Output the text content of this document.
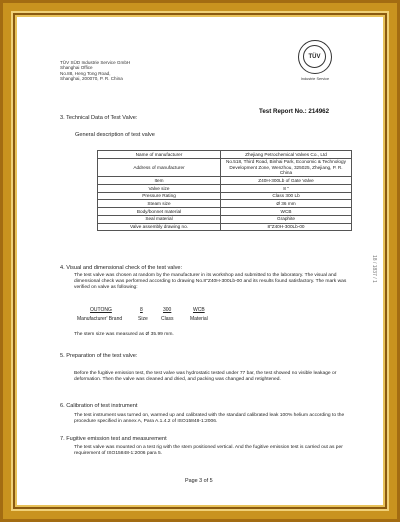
TÜV SÜD Industrie Service GmbH
Shanghai Office
No.88, Heng Tong Road,
Shanghai, 200070, P. R. China
TÜV
Industrie Service
Test Report No.: 214962
3. Technical Data of Test Valve:
General description of test valve
Name of manufacturer	Zhejiang Petrochemical Valves Co., Ltd
Address of manufacturer	No.518, Third Road, Binhai Park, Economic & Technology Development Zone, Wenzhou, 325025, Zhejiang, P. R. China
Item	Z40H-300Lb of Gate Valve
Valve size	8 "
Pressure Rating	Class 300 Lb
Steam size	Ø 36 mm
Body/bonnet material	WCB
Seal material	Graphite
Valve assembly drawing no.	8"Z40H-300Lb-00
4. Visual and dimensional check of the test valve:
The test valve was chosen at random by the manufacturer in its workshop and submitted to the laboratory. The visual and dimensional check was performed according to drawing No.8"Z40H-300Lb-00 and its results found satisfactory. The mark was verified on valve as following:
OUTONG	8	300	WCB
Manufacturer' Brand	Size	Class	Material
The stem size was measured as Ø 35.99 mm.
5. Preparation of the test valve:
Before the fugitive emission test, the test valve was hydrostatic tested under 77 bar, the test showed no visible leakage or deformation. Then the valve was cleaned and dried, and packing was changed and retightened.
6. Calibration of test instrument
The test instrument was turned on, warmed up and calibrated with the standard calibrated leak 100% helium according to the procedure specified in annex A, Para A.1.4.2 of ISO15848-1:2006.
7. Fugitive emission test and measurement
The test valve was mounted on a test rig with the stem positioned vertical. And the fugitive emission test is carried out as per requirement of ISO15848-1:2006 para 5.
Page 3 of 5
18 / 1837 / 1
